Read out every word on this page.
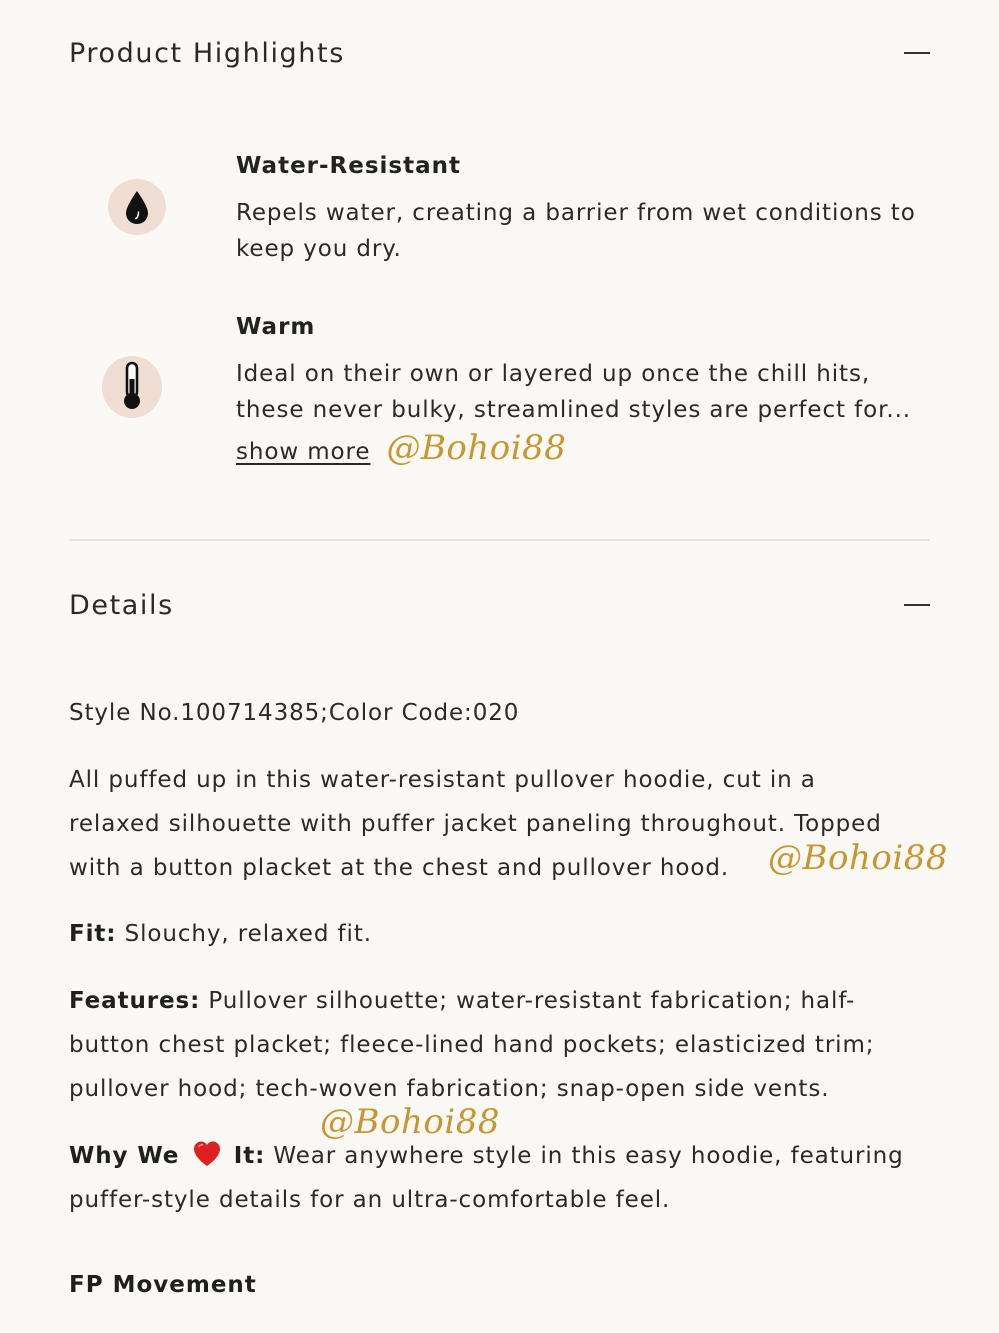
Product Highlights

Water-Resistant

Repels water, creating a barrier from wet conditions to
keep you dry.

Warm

Ideal on their own or layered up once the chill hits,
these never bulky, streamlined styles are perfect for...

show more @Bohoi88
Details
Style No.100714385;Color Code:020
All puffed up in this water-resistant pullover hoodie, cut in a
relaxed silhouette with puffer jacket paneling throughout. Topped
with a button placket at the chest and pullover hood.	@Bohoi88
Fit: Slouchy, relaxed fit.
Features: Pullover silhouette; water-resistant fabrication; half-
button chest placket; fleece-lined hand pockets; elasticized trim;
pullover hood; tech-woven fabrication; snap-open side vents.
@Bohoi88
Why We It: Wear anywhere style in this easy hoodie, featuring
puffer-style details for an ultra-comfortable feel.
FP Movement
